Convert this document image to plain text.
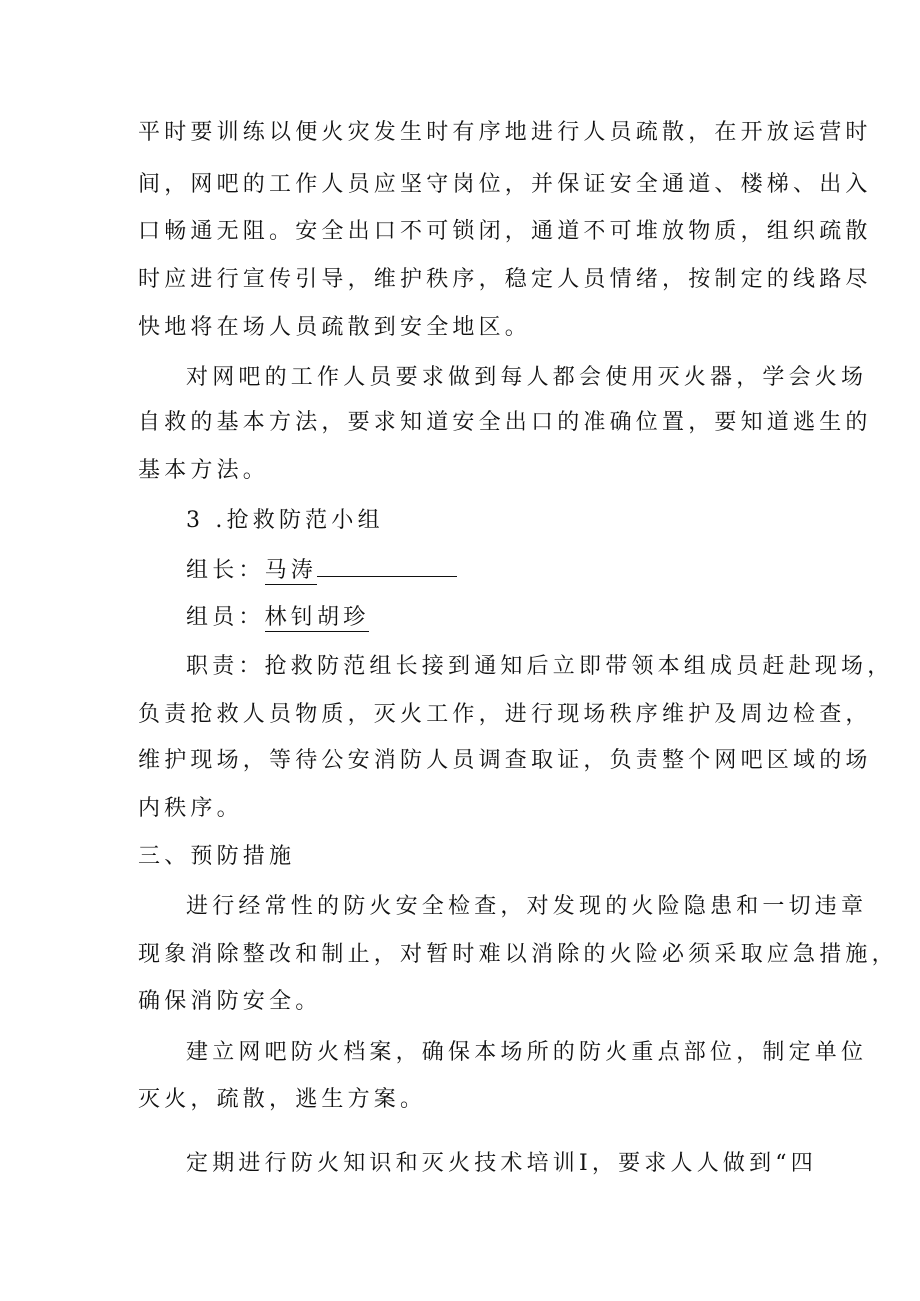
平时要训练以便火灾发生时有序地进行人员疏散，在开放运营时
间，网吧的工作人员应坚守岗位，并保证安全通道、楼梯、出入
口畅通无阻。安全出口不可锁闭，通道不可堆放物质，组织疏散
时应进行宣传引导，维护秩序，稳定人员情绪，按制定的线路尽
快地将在场人员疏散到安全地区。
对网吧的工作人员要求做到每人都会使用灭火器，学会火场
自救的基本方法，要求知道安全出口的准确位置，要知道逃生的
基本方法。
3 .抢救防范小组
组长：马涛
组员：林钊胡珍
职责：抢救防范组长接到通知后立即带领本组成员赶赴现场，
负责抢救人员物质，灭火工作，进行现场秩序维护及周边检查，
维护现场，等待公安消防人员调查取证，负责整个网吧区域的场
内秩序。
三、预防措施
进行经常性的防火安全检查，对发现的火险隐患和一切违章
现象消除整改和制止，对暂时难以消除的火险必须采取应急措施，
确保消防安全。
建立网吧防火档案，确保本场所的防火重点部位，制定单位
灭火，疏散，逃生方案。
定期进行防火知识和灭火技术培训I，要求人人做到“四
